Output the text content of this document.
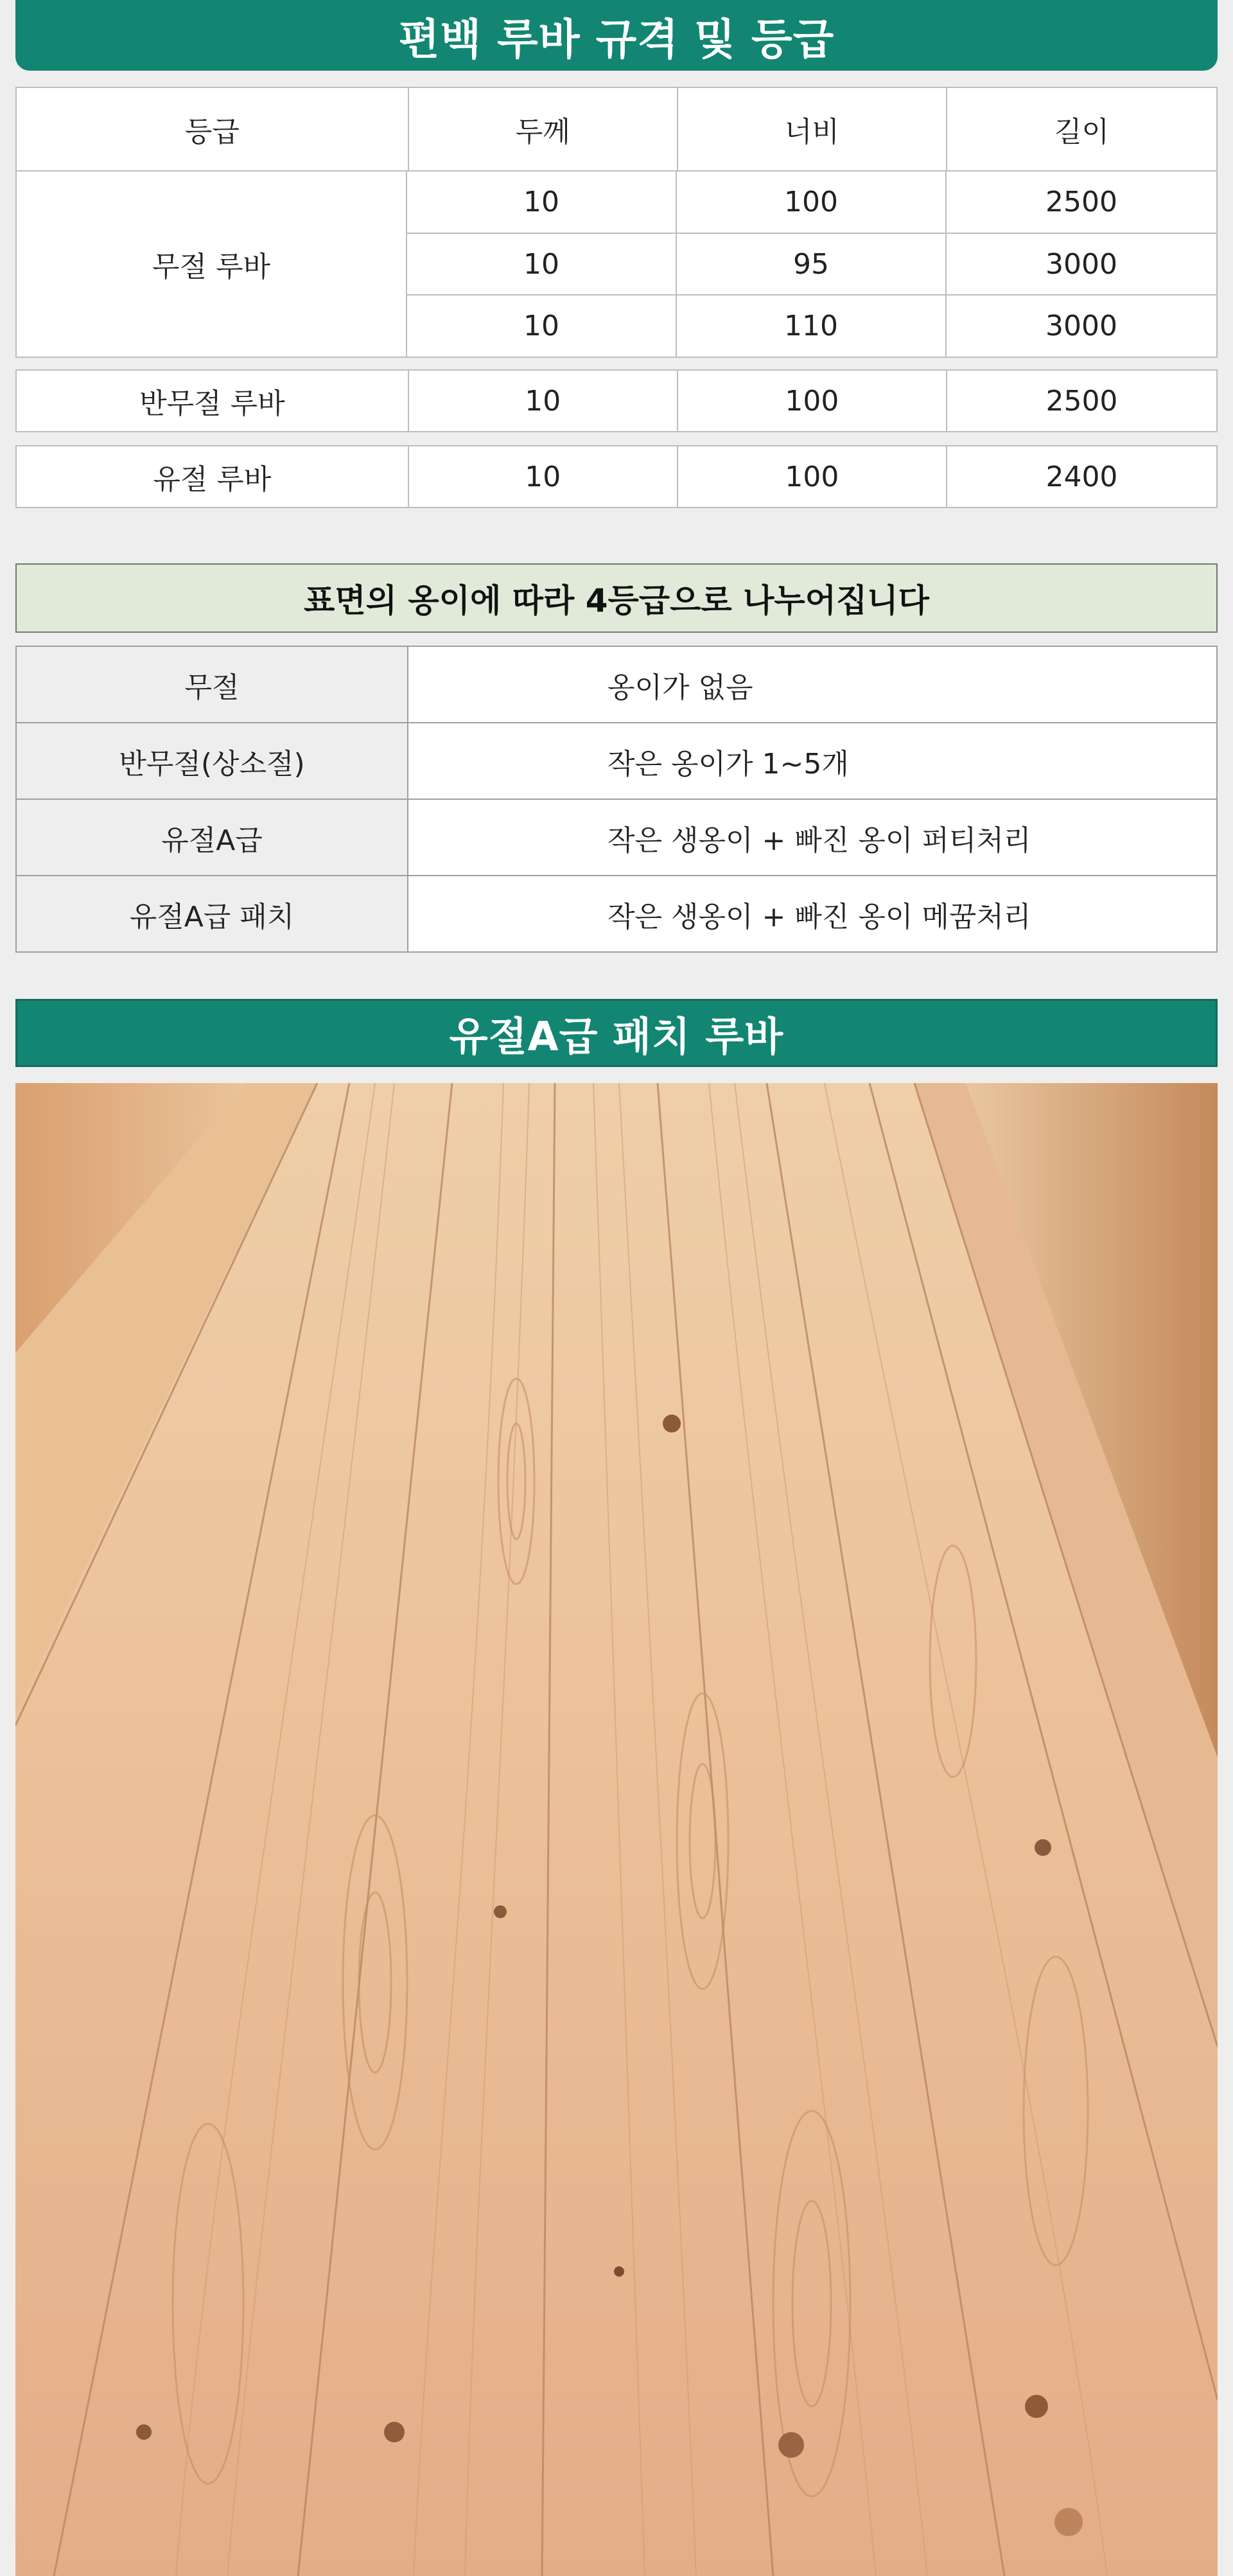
편백 루바 규격 및 등급
등급	두께	너비	길이
무절 루바
10	100	2500
10	95	3000
10	110	3000
반무절 루바	10	100	2500
유절 루바	10	100	2400
표면의 옹이에 따라 4등급으로 나누어집니다
무절	옹이가 없음
반무절(상소절)	작은 옹이가 1~5개
유절A급	작은 생옹이 + 빠진 옹이 퍼티처리
유절A급 패치	작은 생옹이 + 빠진 옹이 메꿈처리
유절A급 패치 루바
